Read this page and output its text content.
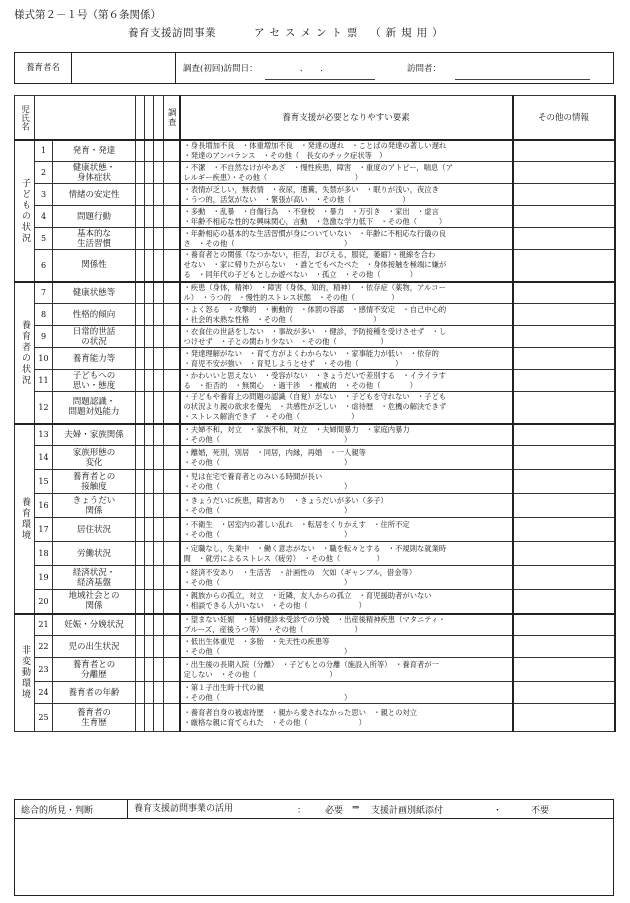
様式第２－１号（第６条関係）
養育支援訪問事業	アセスメント票 （新規用）
養育者名	調査(初回)訪問日：	．．	訪問者：
児氏名						調査	養育支援が必要となりやすい要素	その他の情報

子どもの状況	1	発育・発達					・身長増加不良　・体重増加不良　・発達の遅れ　・ことばの発達の著しい遅れ
・発達のアンバランス　・その他（　長女のチック症状等　）	
	2	健康状態・
身体症状					・不潔　・不自然なけがやあざ　・慢性疾患，障害　・重度のアトピー，喘息（ア
レルギー疾患）・その他（　　　　　　　　　　　　）	
	3	情緒の安定性					・表情が乏しい，無表情　・夜尿，遺糞，失禁が多い　・眠りが浅い，夜泣き
・うつ的，活気がない　・緊張が高い　・その他（　　　　　　　）	
	4	問題行動					・多動　・乱暴　・自傷行為　・不登校　・暴力　・万引き　・家出　・虚言
・年齢不相応な性的な興味関心，言動　・急激な学力低下　・その他（　　　）	
	5	基本的な
生活習慣					・年齢相応の基本的な生活習慣が身についていない　・年齢に不相応な行儀の良
さ　・その他（　　　　　　　　　　　　　　　）	
	6	関係性					・養育者との関係（なつかない，拒否，おびえる，服従，萎縮）・視線を合わ
せない　・家に帰りたがらない　・誰とでもべたべた　・身体接触を極端に嫌が
る　・同年代の子どもとしか遊べない　・孤立　・その他（　　　　）	

養育者の状況	7	健康状態等					・疾患（身体，精神）　・障害（身体，知的，精神）　・依存症（薬物，アルコー
ル）　・うつ的　・慢性的ストレス状態　・その他（　　　　　）	
	8	性格的傾向					・よく怒る　・攻撃的　・衝動的　・体罰の容認　・感情不安定　・自己中心的
・社会的未熟な性格　・その他（　　　　　　　　　　　）	
	9	日常的世話
の状況					・衣食住の世話をしない　・事故が多い　・健診，予防接種を受けさせず　・し
つけせず　・子との関わり少ない　・その他（　　　　　　）	
	10	養育能力等					・発達理解がない　・育て方がよくわからない　・家事能力が低い　・依存的
・育児不安が強い　・育児しようとせず　・その他（　　　　　）	
	11	子どもへの
思い・態度					・かわいいと思えない　・受容がない　・きょうだいで差別する　・イライラす
る　・拒否的　・無関心　・過干渉　・権威的　・その他（　　　　）	
	12	問題認識・
問題対処能力					・子どもや養育上の問題の認識（自覚）がない　・子どもを守れない　・子ども
の状況より親の欲求を優先　・共感性が乏しい　・虐待歴　・危機の解決できず
・ストレス解消できず　・その他（　　　　　　　）	

養育環境	13	夫婦・家族関係					・夫婦不和，対立　・家族不和，対立　・夫婦間暴力　・家庭内暴力
・その他（　　　　　　　　　　　　　　　　　）	
	14	家族形態の
変化					・離婚，死別，別居　・同居，内縁，再婚　・一人親等
・その他（　　　　　　　　　　　　　　　　　）	
	15	養育者との
接触度					・児は在宅で養育者とのみいる時間が長い
・その他（　　　　　　　　　　　　　　　　　）	
	16	きょうだい
関係					・きょうだいに疾患，障害あり　・きょうだいが多い（多子）
・その他（　　　　　　　　　　　　　　　　　）	
	17	居住状況					・不衛生　・居室内の著しい乱れ　・転居をくりかえす　・住所不定
・その他（　　　　　　　　　　　　　　　　　）	
	18	労働状況					・定職なし，失業中　・働く意志がない　・職を転々とする　・不規則な就業時
間　・就労によるストレス（疲労）　・その他（　　　　　）	
	19	経済状況・
経済基盤					・経済不安あり　・生活苦　・計画性の　欠如（ギャンブル，借金等）
・その他（　　　　　　　　　　　　　　　　　）	
	20	地域社会との
関係					・親族からの孤立，対立　・近隣，友人からの孤立　・育児援助者がいない
・相談できる人がいない　・その他（　　　　　　　）	

非変動環境	21	妊娠・分娩状況					・望まない妊娠　・妊婦健診未受診での分娩　・出産後精神疾患（マタニティ・
ブルーズ，産後うつ等）　・その他（　　　　　　　）	
	22	児の出生状況					・低出生体重児　・多胎　・先天性の疾患等
・その他（　　　　　　　　　　　　　　　　　）	
	23	養育者との
分離歴					・出生後の長期入院（分離）　・子どもとの分離（施設入所等）　・養育者が一
定しない　・その他（　　　　　　　　　　）	
	24	養育者の年齢					・第１子出生時十代の親
・その他（　　　　　　　　　　　　　　　　　）	
	25	養育者の
生育歴					・養育者自身の被虐待歴　・親から愛されなかった思い　・親との対立
・厳格な親に育てられた　・その他（　　　　　　　）	
総合的所見・判断	養育支援訪問事業の活用	： 必要 ⇒ 支援計画別紙添付	・	不要
